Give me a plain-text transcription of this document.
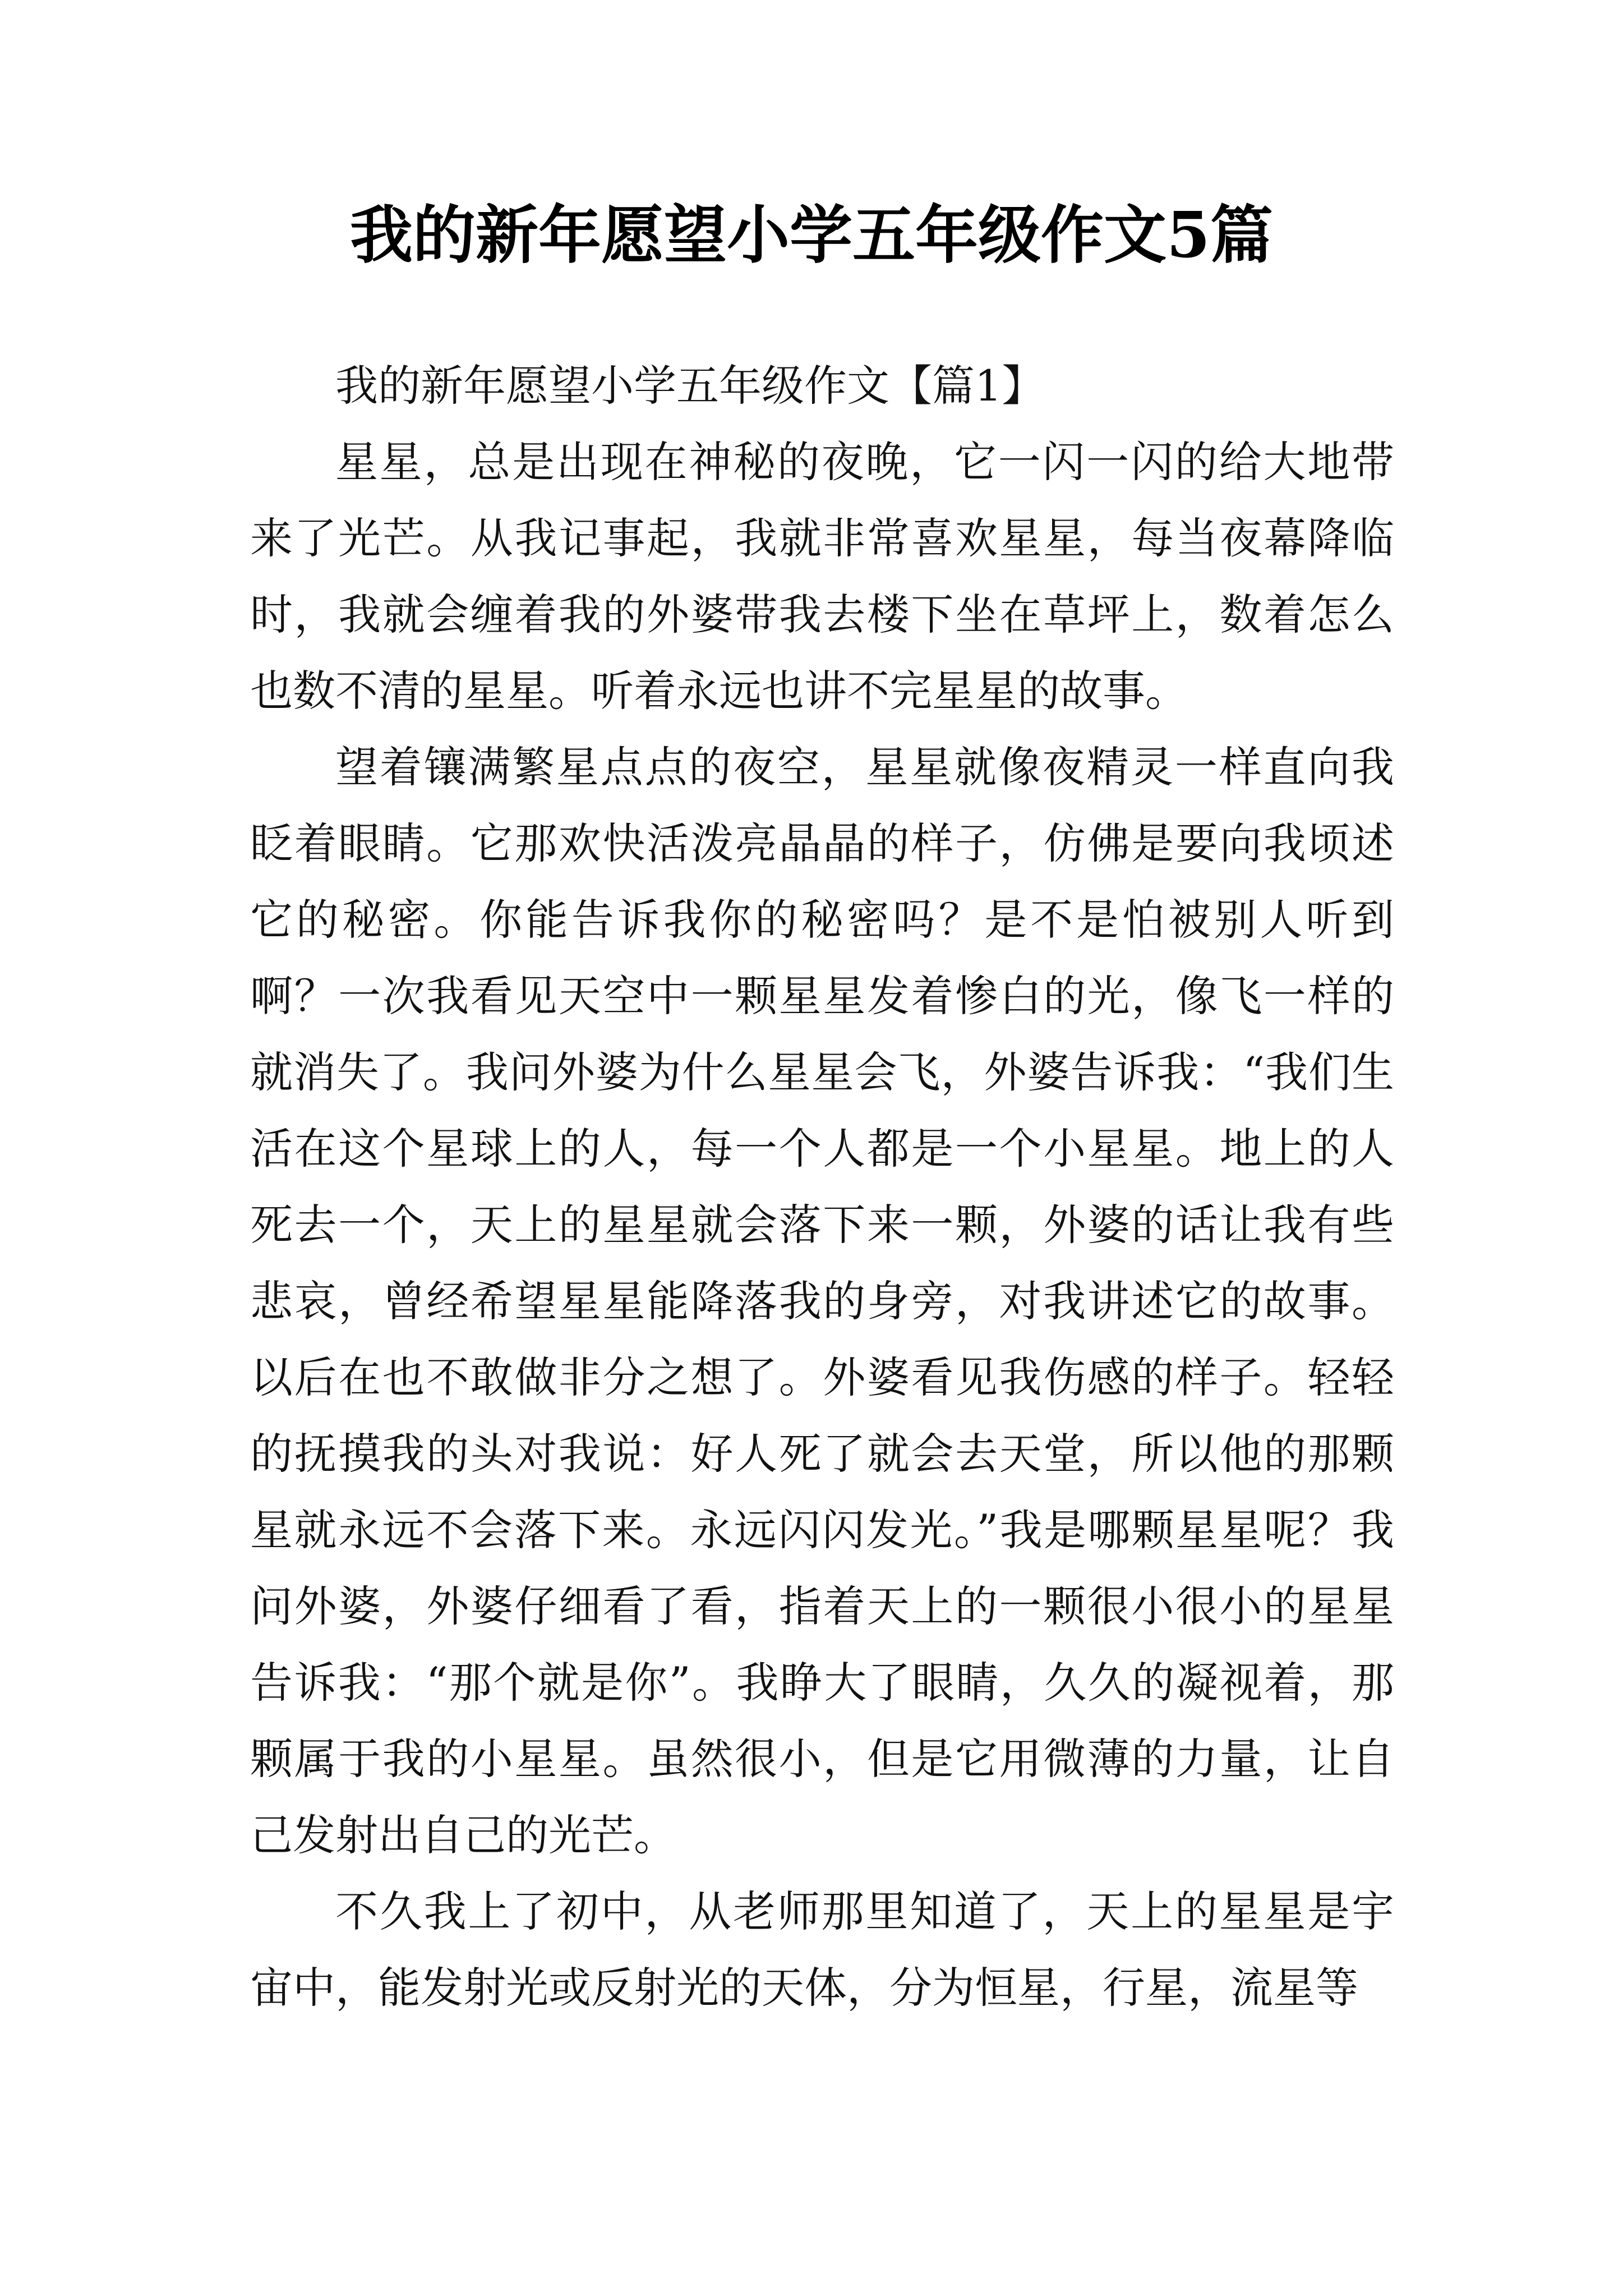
我的新年愿望小学五年级作文5篇

我的新年愿望小学五年级作文【篇1】

星星，总是出现在神秘的夜晚，它一闪一闪的给大地带来了光芒。从我记事起，我就非常喜欢星星，每当夜幕降临时，我就会缠着我的外婆带我去楼下坐在草坪上，数着怎么也数不清的星星。听着永远也讲不完星星的故事。

望着镶满繁星点点的夜空，星星就像夜精灵一样直向我眨着眼睛。它那欢快活泼亮晶晶的样子，仿佛是要向我顷述它的秘密。你能告诉我你的秘密吗？是不是怕被别人听到啊？一次我看见天空中一颗星星发着惨白的光，像飞一样的就消失了。我问外婆为什么星星会飞，外婆告诉我：“我们生活在这个星球上的人，每一个人都是一个小星星。地上的人死去一个，天上的星星就会落下来一颗，外婆的话让我有些悲哀，曾经希望星星能降落我的身旁，对我讲述它的故事。以后在也不敢做非分之想了。外婆看见我伤感的样子。轻轻的抚摸我的头对我说：好人死了就会去天堂，所以他的那颗星就永远不会落下来。永远闪闪发光。”我是哪颗星星呢？我问外婆，外婆仔细看了看，指着天上的一颗很小很小的星星告诉我：“那个就是你”。我睁大了眼睛，久久的凝视着，那颗属于我的小星星。虽然很小，但是它用微薄的力量，让自己发射出自己的光芒。

不久我上了初中，从老师那里知道了，天上的星星是宇宙中，能发射光或反射光的天体，分为恒星，行星，流星等
